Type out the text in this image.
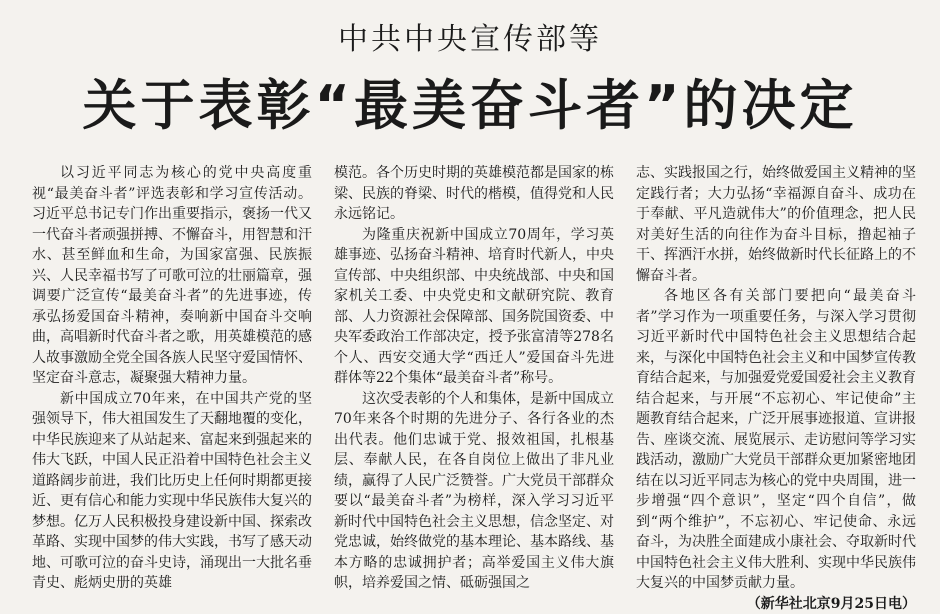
中共中央宣传部等
关于表彰“最美奋斗者”的决定

以习近平同志为核心的党中央高度重视“最美奋斗者”评选表彰和学习宣传活动。习近平总书记专门作出重要指示，褒扬一代又一代奋斗者顽强拼搏、不懈奋斗，用智慧和汗水、甚至鲜血和生命，为国家富强、民族振兴、人民幸福书写了可歌可泣的壮丽篇章，强调要广泛宣传“最美奋斗者”的先进事迹，传承弘扬爱国奋斗精神，奏响新中国奋斗交响曲，高唱新时代奋斗者之歌，用英雄模范的感人故事激励全党全国各族人民坚守爱国情怀、坚定奋斗意志，凝聚强大精神力量。

新中国成立70年来，在中国共产党的坚强领导下，伟大祖国发生了天翻地覆的变化，中华民族迎来了从站起来、富起来到强起来的伟大飞跃，中国人民正沿着中国特色社会主义道路阔步前进，我们比历史上任何时期都更接近、更有信心和能力实现中华民族伟大复兴的梦想。亿万人民积极投身建设新中国、探索改革路、实现中国梦的伟大实践，书写了感天动地、可歌可泣的奋斗史诗，涌现出一大批名垂青史、彪炳史册的英雄

模范。各个历史时期的英雄模范都是国家的栋梁、民族的脊梁、时代的楷模，值得党和人民永远铭记。

为隆重庆祝新中国成立70周年，学习英雄事迹、弘扬奋斗精神、培育时代新人，中央宣传部、中央组织部、中央统战部、中央和国家机关工委、中央党史和文献研究院、教育部、人力资源社会保障部、国务院国资委、中央军委政治工作部决定，授予张富清等278名个人、西安交通大学“西迁人”爱国奋斗先进群体等22个集体“最美奋斗者”称号。

这次受表彰的个人和集体，是新中国成立70年来各个时期的先进分子、各行各业的杰出代表。他们忠诚于党、报效祖国，扎根基层、奉献人民，在各自岗位上做出了非凡业绩，赢得了人民广泛赞誉。广大党员干部群众要以“最美奋斗者”为榜样，深入学习习近平新时代中国特色社会主义思想，信念坚定、对党忠诚，始终做党的基本理论、基本路线、基本方略的忠诚拥护者；高举爱国主义伟大旗帜，培养爱国之情、砥砺强国之

志、实践报国之行，始终做爱国主义精神的坚定践行者；大力弘扬“幸福源自奋斗、成功在于奉献、平凡造就伟大”的价值理念，把人民对美好生活的向往作为奋斗目标，撸起袖子干、挥洒汗水拼，始终做新时代长征路上的不懈奋斗者。

各地区各有关部门要把向“最美奋斗者”学习作为一项重要任务，与深入学习贯彻习近平新时代中国特色社会主义思想结合起来，与深化中国特色社会主义和中国梦宣传教育结合起来，与加强爱党爱国爱社会主义教育结合起来，与开展“不忘初心、牢记使命”主题教育结合起来，广泛开展事迹报道、宣讲报告、座谈交流、展览展示、走访慰问等学习实践活动，激励广大党员干部群众更加紧密地团结在以习近平同志为核心的党中央周围，进一步增强“四个意识”，坚定“四个自信”，做到“两个维护”，不忘初心、牢记使命、永远奋斗，为决胜全面建成小康社会、夺取新时代中国特色社会主义伟大胜利、实现中华民族伟大复兴的中国梦贡献力量。

（新华社北京9月25日电）
